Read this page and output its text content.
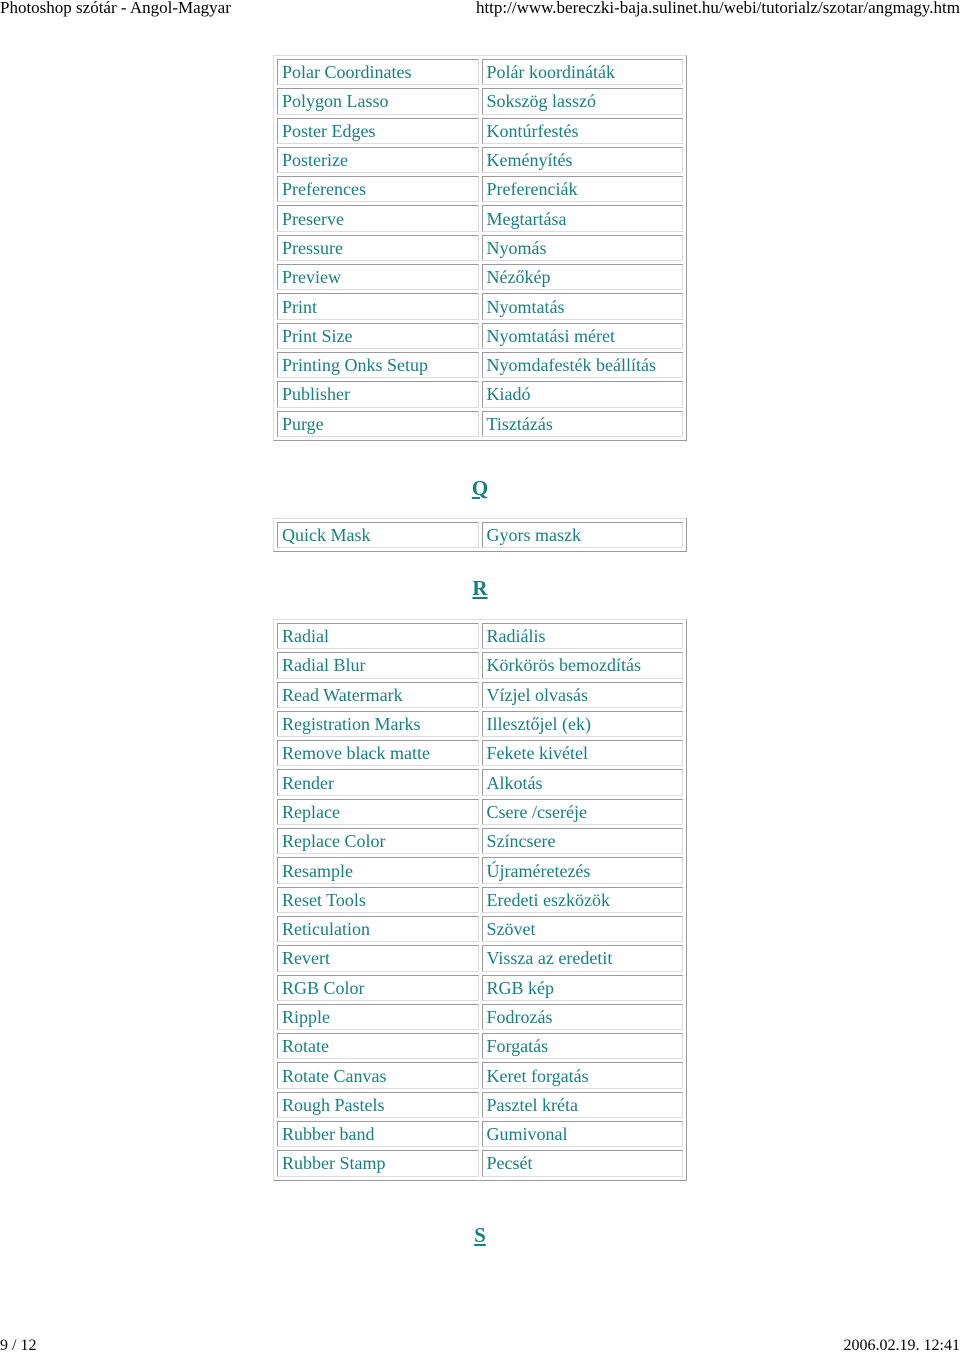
Photoshop szótár - Angol-Magyar	http://www.bereczki-baja.sulinet.hu/webi/tutorialz/szotar/angmagy.htm
Polar Coordinates	Polár koordináták
Polygon Lasso	Sokszög lasszó
Poster Edges	Kontúrfestés
Posterize	Keményítés
Preferences	Preferenciák
Preserve	Megtartása
Pressure	Nyomás
Preview	Nézőkép
Print	Nyomtatás
Print Size	Nyomtatási méret
Printing Onks Setup	Nyomdafesték beállítás
Publisher	Kiadó
Purge	Tisztázás
Q
Quick Mask	Gyors maszk
R
Radial	Radiális
Radial Blur	Körkörös bemozdítás
Read Watermark	Vízjel olvasás
Registration Marks	Illesztőjel (ek)
Remove black matte	Fekete kivétel
Render	Alkotás
Replace	Csere /cseréje
Replace Color	Színcsere
Resample	Újraméretezés
Reset Tools	Eredeti eszközök
Reticulation	Szövet
Revert	Vissza az eredetit
RGB Color	RGB kép
Ripple	Fodrozás
Rotate	Forgatás
Rotate Canvas	Keret forgatás
Rough Pastels	Pasztel kréta
Rubber band	Gumivonal
Rubber Stamp	Pecsét
S
9 / 12	2006.02.19. 12:41
